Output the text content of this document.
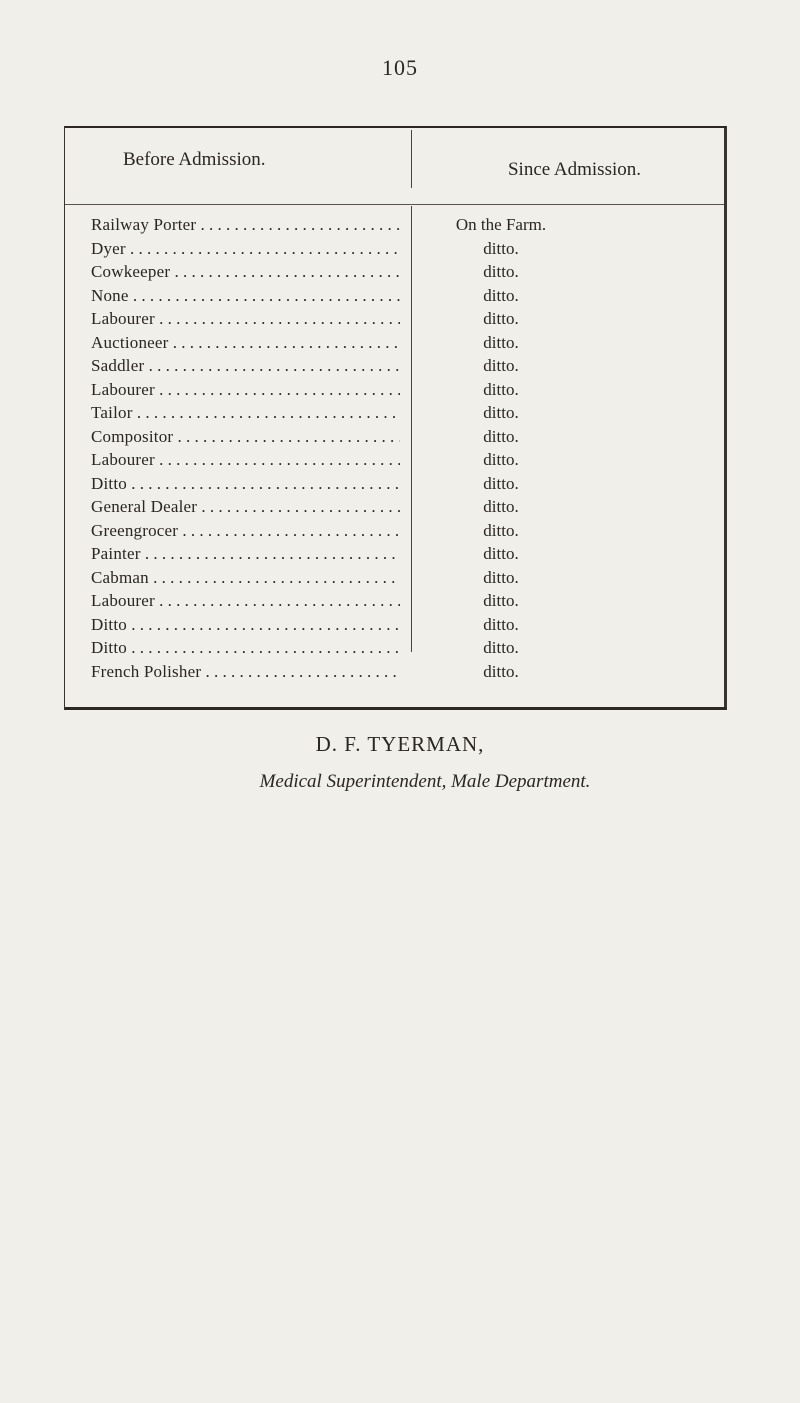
105
Before Admission.	Since Admission.
Railway Porter . . .	On the Farm.
Dyer . . .	ditto.
Cowkeeper . . .	ditto.
None . . .	ditto.
Labourer . . .	ditto.
Auctioneer . . .	ditto.
Saddler . . .	ditto.
Labourer . . .	ditto.
Tailor . . .	ditto.
Compositor . . .	ditto.
Labourer . . .	ditto.
Ditto . . .	ditto.
General Dealer . . .	ditto.
Greengrocer . . .	ditto.
Painter . . .	ditto.
Cabman . . .	ditto.
Labourer . . .	ditto.
Ditto . . .	ditto.
Ditto . . .	ditto.
French Polisher . . .	ditto.
D. F. TYERMAN,
Medical Superintendent, Male Department.
